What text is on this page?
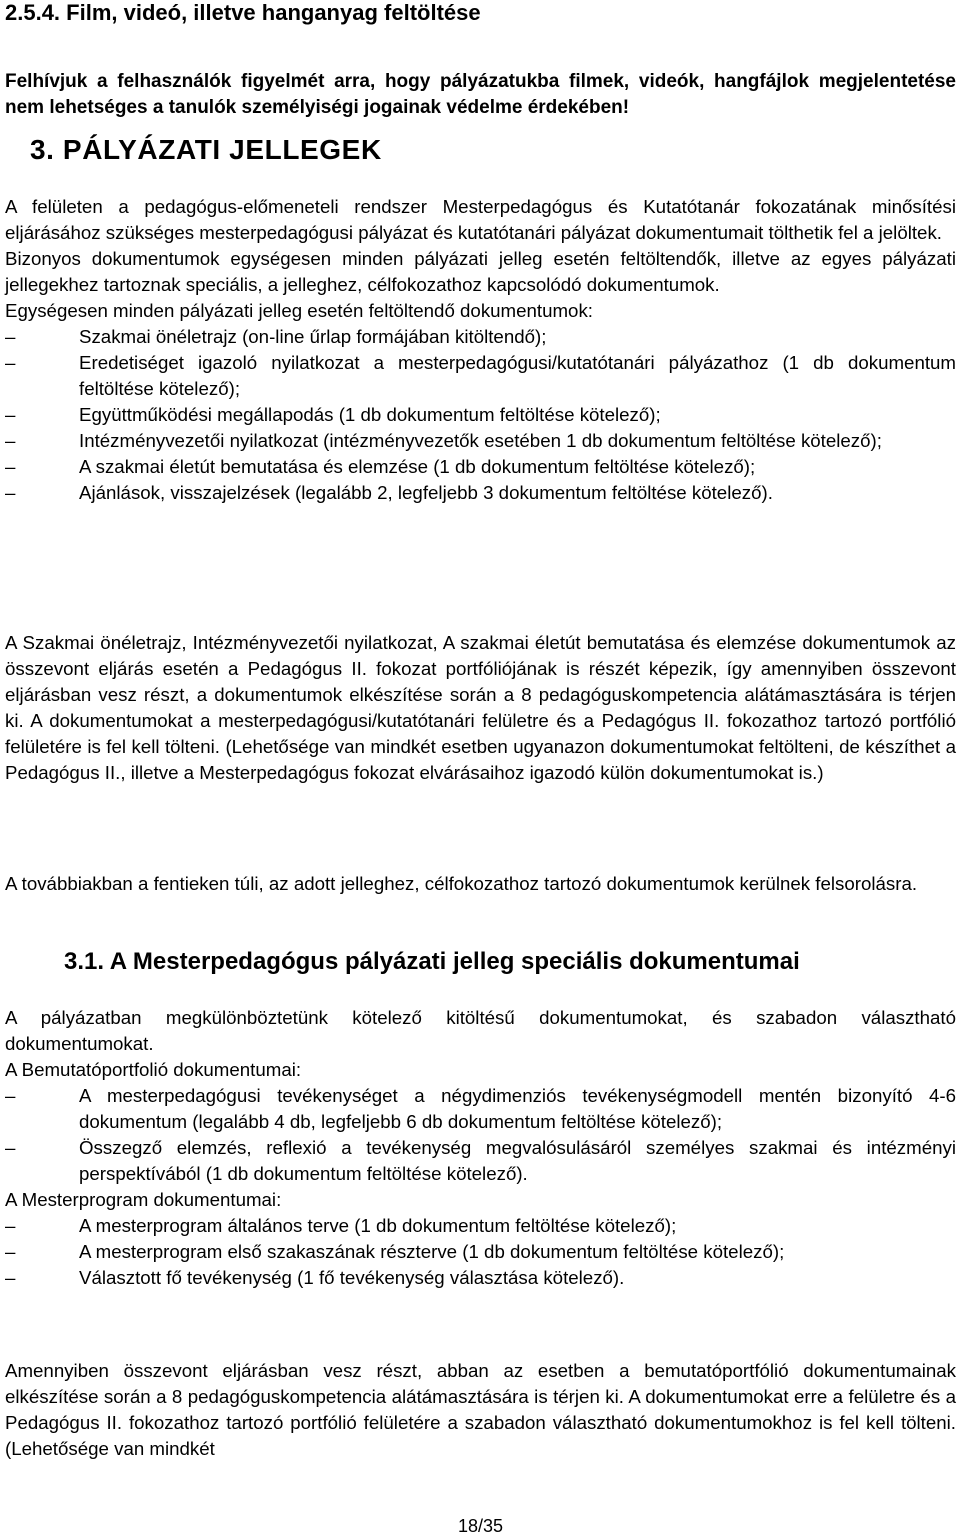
2.5.4. Film, videó, illetve hanganyag feltöltése

Felhívjuk a felhasználók figyelmét arra, hogy pályázatukba filmek, videók, hangfájlok megjelentetése nem lehetséges a tanulók személyiségi jogainak védelme érdekében!

3. PÁLYÁZATI JELLEGEK

A felületen a pedagógus-előmeneteli rendszer Mesterpedagógus és Kutatótanár fokozatának minősítési eljárásához szükséges mesterpedagógusi pályázat és kutatótanári pályázat dokumentumait tölthetik fel a jelöltek.

Bizonyos dokumentumok egységesen minden pályázati jelleg esetén feltöltendők, illetve az egyes pályázati jellegekhez tartoznak speciális, a jelleghez, célfokozathoz kapcsolódó dokumentumok.

Egységesen minden pályázati jelleg esetén feltöltendő dokumentumok:

–	Szakmai önéletrajz (on-line űrlap formájában kitöltendő);
–	Eredetiséget igazoló nyilatkozat a mesterpedagógusi/kutatótanári pályázathoz (1 db dokumentum feltöltése kötelező);
–	Együttműködési megállapodás (1 db dokumentum feltöltése kötelező);
–	Intézményvezetői nyilatkozat (intézményvezetők esetében 1 db dokumentum feltöltése kötelező);
–	A szakmai életút bemutatása és elemzése (1 db dokumentum feltöltése kötelező);
–	Ajánlások, visszajelzések (legalább 2, legfeljebb 3 dokumentum feltöltése kötelező).

A Szakmai önéletrajz, Intézményvezetői nyilatkozat, A szakmai életút bemutatása és elemzése dokumentumok az összevont eljárás esetén a Pedagógus II. fokozat portfóliójának is részét képezik, így amennyiben összevont eljárásban vesz részt, a dokumentumok elkészítése során a 8 pedagóguskompetencia alátámasztására is térjen ki. A dokumentumokat a mesterpedagógusi/kutatótanári felületre és a Pedagógus II. fokozathoz tartozó portfólió felületére is fel kell tölteni. (Lehetősége van mindkét esetben ugyanazon dokumentumokat feltölteni, de készíthet a Pedagógus II., illetve a Mesterpedagógus fokozat elvárásaihoz igazodó külön dokumentumokat is.)

A továbbiakban a fentieken túli, az adott jelleghez, célfokozathoz tartozó dokumentumok kerülnek felsorolásra.

3.1. A Mesterpedagógus pályázati jelleg speciális dokumentumai

A pályázatban megkülönböztetünk kötelező kitöltésű dokumentumokat, és szabadon választható dokumentumokat.

A Bemutatóportfolió dokumentumai:

–	A mesterpedagógusi tevékenységet a négydimenziós tevékenységmodell mentén bizonyító 4-6 dokumentum (legalább 4 db, legfeljebb 6 db dokumentum feltöltése kötelező);
–	Összegző elemzés, reflexió a tevékenység megvalósulásáról személyes szakmai és intézményi perspektívából (1 db dokumentum feltöltése kötelező).

A Mesterprogram dokumentumai:

–	A mesterprogram általános terve (1 db dokumentum feltöltése kötelező);
–	A mesterprogram első szakaszának részterve (1 db dokumentum feltöltése kötelező);
–	Választott fő tevékenység (1 fő tevékenység választása kötelező).

Amennyiben összevont eljárásban vesz részt, abban az esetben a bemutatóportfólió dokumentumainak elkészítése során a 8 pedagóguskompetencia alátámasztására is térjen ki. A dokumentumokat erre a felületre és a Pedagógus II. fokozathoz tartozó portfólió felületére a szabadon választható dokumentumokhoz is fel kell tölteni. (Lehetősége van mindkét

18/35
